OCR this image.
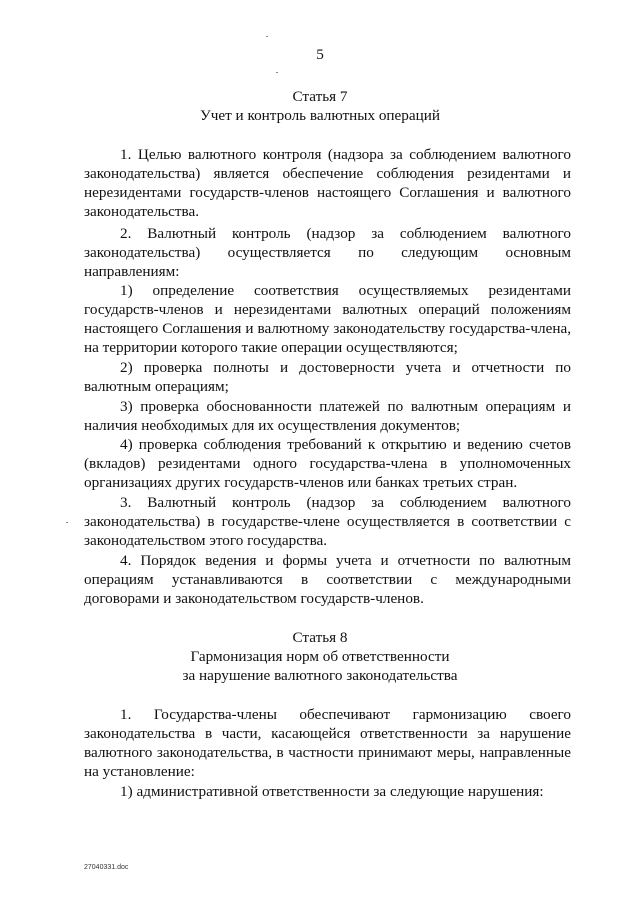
5
Статья 7
Учет и контроль валютных операций
1. Целью валютного контроля (надзора за соблюдением валютного законодательства) является обеспечение соблюдения резидентами и нерезидентами государств-членов настоящего Соглашения и валютного законодательства.
2. Валютный контроль (надзор за соблюдением валютного законодательства) осуществляется по следующим основным направлениям:
1) определение соответствия осуществляемых резидентами государств-членов и нерезидентами валютных операций положениям настоящего Соглашения и валютному законодательству государства-члена, на территории которого такие операции осуществляются;
2) проверка полноты и достоверности учета и отчетности по валютным операциям;
3) проверка обоснованности платежей по валютным операциям и наличия необходимых для их осуществления документов;
4) проверка соблюдения требований к открытию и ведению счетов (вкладов) резидентами одного государства-члена в уполномоченных организациях других государств-членов или банках третьих стран.
3. Валютный контроль (надзор за соблюдением валютного законодательства) в государстве-члене осуществляется в соответствии с законодательством этого государства.
4. Порядок ведения и формы учета и отчетности по валютным операциям устанавливаются в соответствии с международными договорами и законодательством государств-членов.
Статья 8
Гармонизация норм об ответственности
за нарушение валютного законодательства
1. Государства-члены обеспечивают гармонизацию своего законодательства в части, касающейся ответственности за нарушение валютного законодательства, в частности принимают меры, направленные на установление:
1) административной ответственности за следующие нарушения:
27040331.doc
